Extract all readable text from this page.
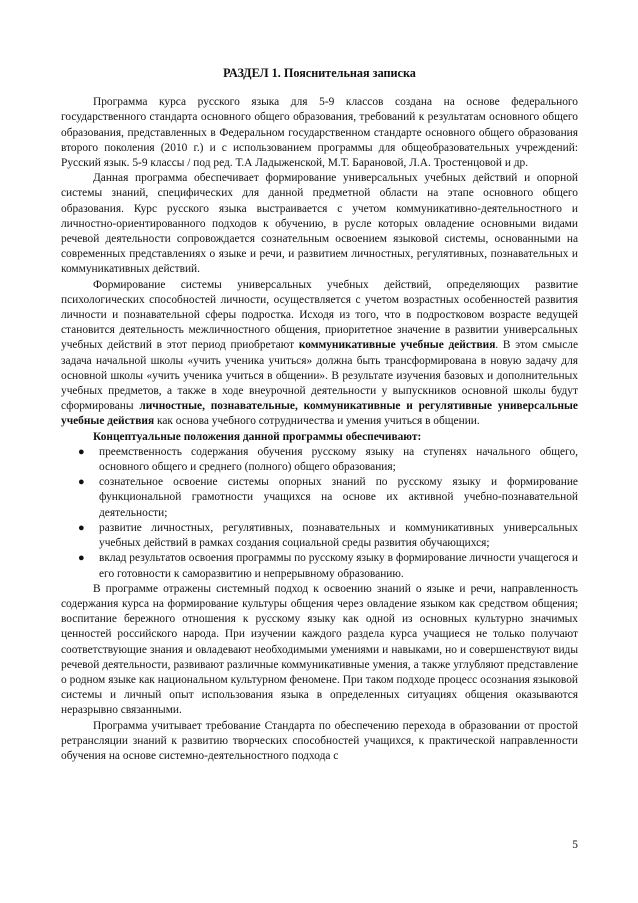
РАЗДЕЛ 1. Пояснительная записка

Программа курса русского языка для 5-9 классов создана на основе федерального государственного стандарта основного общего образования, требований к результатам основного общего образования, представленных в Федеральном государственном стандарте основного общего образования второго поколения (2010 г.) и с использованием программы для общеобразовательных учреждений: Русский язык. 5-9 классы / под ред. Т.А Ладыженской, М.Т. Барановой, Л.А. Тростенцовой и др.

Данная программа обеспечивает формирование универсальных учебных действий и опорной системы знаний, специфических для данной предметной области на этапе основного общего образования. Курс русского языка выстраивается с учетом коммуникативно-деятельностного и личностно-ориентированного подходов к обучению, в русле которых овладение основными видами речевой деятельности сопровождается сознательным освоением языковой системы, основанными на современных представлениях о языке и речи, и развитием личностных, регулятивных, познавательных и коммуникативных действий.

Формирование системы универсальных учебных действий, определяющих развитие психологических способностей личности, осуществляется с учетом возрастных особенностей развития личности и познавательной сферы подростка. Исходя из того, что в подростковом возрасте ведущей становится деятельность межличностного общения, приоритетное значение в развитии универсальных учебных действий в этот период приобретают коммуникативные учебные действия. В этом смысле задача начальной школы «учить ученика учиться» должна быть трансформирована в новую задачу для основной школы «учить ученика учиться в общении». В результате изучения базовых и дополнительных учебных предметов, а также в ходе внеурочной деятельности у выпускников основной школы будут сформированы личностные, познавательные, коммуникативные и регулятивные универсальные учебные действия как основа учебного сотрудничества и умения учиться в общении.

Концептуальные положения данной программы обеспечивают:

● преемственность содержания обучения русскому языку на ступенях начального общего, основного общего и среднего (полного) общего образования;
● сознательное освоение системы опорных знаний по русскому языку и формирование функциональной грамотности учащихся на основе их активной учебно-познавательной деятельности;
● развитие личностных, регулятивных, познавательных и коммуникативных универсальных учебных действий в рамках создания социальной среды развития обучающихся;
● вклад результатов освоения программы по русскому языку в формирование личности учащегося и его готовности к саморазвитию и непрерывному образованию.

В программе отражены системный подход к освоению знаний о языке и речи, направленность содержания курса на формирование культуры общения через овладение языком как средством общения; воспитание бережного отношения к русскому языку как одной из основных культурно значимых ценностей российского народа. При изучении каждого раздела курса учащиеся не только получают соответствующие знания и овладевают необходимыми умениями и навыками, но и совершенствуют виды речевой деятельности, развивают различные коммуникативные умения, а также углубляют представление о родном языке как национальном культурном феномене. При таком подходе процесс осознания языковой системы и личный опыт использования языка в определенных ситуациях общения оказываются неразрывно связанными.

Программа учитывает требование Стандарта по обеспечению перехода в образовании от простой ретрансляции знаний к развитию творческих способностей учащихся, к практической направленности обучения на основе системно-деятельностного подхода с

5
